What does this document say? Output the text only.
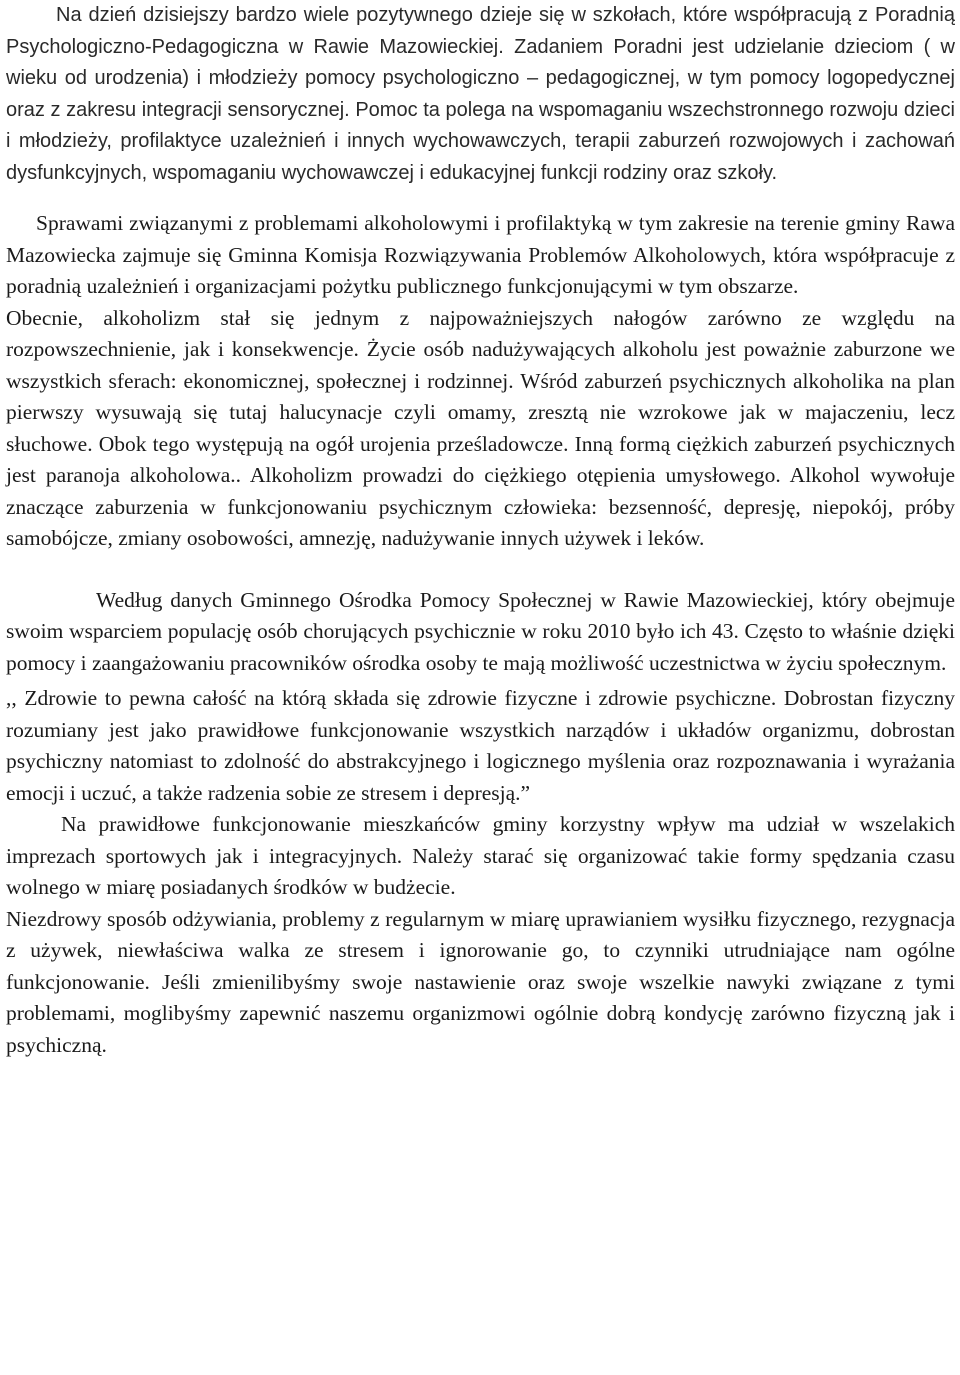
Na dzień dzisiejszy bardzo wiele pozytywnego dzieje się w szkołach, które współpracują z Poradnią Psychologiczno-Pedagogiczna w Rawie Mazowieckiej. Zadaniem Poradni jest udzielanie dzieciom ( w wieku od urodzenia) i młodzieży pomocy psychologiczno – pedagogicznej, w tym pomocy logopedycznej oraz z zakresu integracji sensorycznej. Pomoc ta polega na wspomaganiu wszechstronnego rozwoju dzieci i młodzieży, profilaktyce uzależnień i innych wychowawczych, terapii zaburzeń rozwojowych i zachowań dysfunkcyjnych, wspomaganiu wychowawczej i edukacyjnej funkcji rodziny oraz szkoły.

Sprawami związanymi z problemami alkoholowymi i profilaktyką w tym zakresie na terenie gminy Rawa Mazowiecka zajmuje się Gminna Komisja Rozwiązywania Problemów Alkoholowych, która współpracuje z poradnią uzależnień i organizacjami pożytku publicznego funkcjonującymi w tym obszarze.

Obecnie, alkoholizm stał się jednym z najpoważniejszych nałogów zarówno ze względu na rozpowszechnienie, jak i konsekwencje. Życie osób nadużywających alkoholu jest poważnie zaburzone we wszystkich sferach: ekonomicznej, społecznej i rodzinnej. Wśród zaburzeń psychicznych alkoholika na plan pierwszy wysuwają się tutaj halucynacje czyli omamy, zresztą nie wzrokowe jak w majaczeniu, lecz słuchowe. Obok tego występują na ogół urojenia prześladowcze. Inną formą ciężkich zaburzeń psychicznych jest paranoja alkoholowa.. Alkoholizm prowadzi do ciężkiego otępienia umysłowego. Alkohol wywołuje znaczące zaburzenia w funkcjonowaniu psychicznym człowieka: bezsenność, depresję, niepokój, próby samobójcze, zmiany osobowości, amnezję, nadużywanie innych używek i leków.

Według danych Gminnego Ośrodka Pomocy Społecznej w Rawie Mazowieckiej, który obejmuje swoim wsparciem populację osób chorujących psychicznie w roku 2010 było ich 43. Często to właśnie dzięki pomocy i zaangażowaniu pracowników ośrodka osoby te mają możliwość uczestnictwa w życiu społecznym.

,, Zdrowie to pewna całość na którą składa się zdrowie fizyczne i zdrowie psychiczne. Dobrostan fizyczny rozumiany jest jako prawidłowe funkcjonowanie wszystkich narządów i układów organizmu, dobrostan psychiczny natomiast to zdolność do abstrakcyjnego i logicznego myślenia oraz rozpoznawania i wyrażania emocji i uczuć, a także radzenia sobie ze stresem i depresją.”

Na prawidłowe funkcjonowanie mieszkańców gminy korzystny wpływ ma udział w wszelakich imprezach sportowych jak i integracyjnych. Należy starać się organizować takie formy spędzania czasu wolnego w miarę posiadanych środków w budżecie.

Niezdrowy sposób odżywiania, problemy z regularnym w miarę uprawianiem wysiłku fizycznego, rezygnacja z używek, niewłaściwa walka ze stresem i ignorowanie go, to czynniki utrudniające nam ogólne funkcjonowanie. Jeśli zmienilibyśmy swoje nastawienie oraz swoje wszelkie nawyki związane z tymi problemami, moglibyśmy zapewnić naszemu organizmowi ogólnie dobrą kondycję zarówno fizyczną jak i psychiczną.
